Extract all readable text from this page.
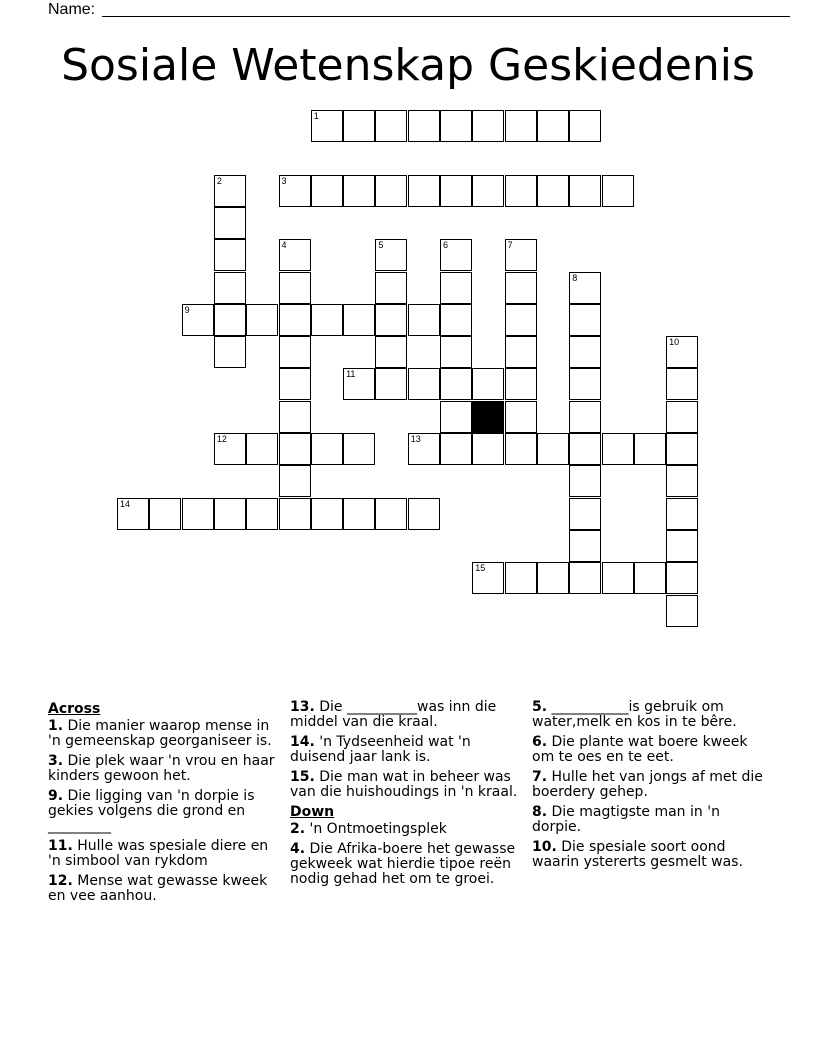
Name:
Sosiale Wetenskap Geskiedenis
1
3
9
11
12	13
14
15
2
4	5	6	7
8
10
Across
1. Die manier waarop mense in 'n gemeenskap georganiseer is.
3. Die plek waar 'n vrou en haar kinders gewoon het.
9. Die ligging van 'n dorpie is gekies volgens die grond en _________
11. Hulle was spesiale diere en 'n simbool van rykdom
12. Mense wat gewasse kweek en vee aanhou.
13. Die __________was inn die middel van die kraal.
14. 'n Tydseenheid wat 'n duisend jaar lank is.
15. Die man wat in beheer was van die huishoudings in 'n kraal.
Down
2. 'n Ontmoetingsplek
4. Die Afrika-boere het gewasse gekweek wat hierdie tipoe reën nodig gehad het om te groei.
5. ___________is gebruik om water,melk en kos in te bêre.
6. Die plante wat boere kweek om te oes en te eet.
7. Hulle het van jongs af met die boerdery gehep.
8. Die magtigste man in 'n dorpie.
10. Die spesiale soort oond waarin ystererts gesmelt was.
